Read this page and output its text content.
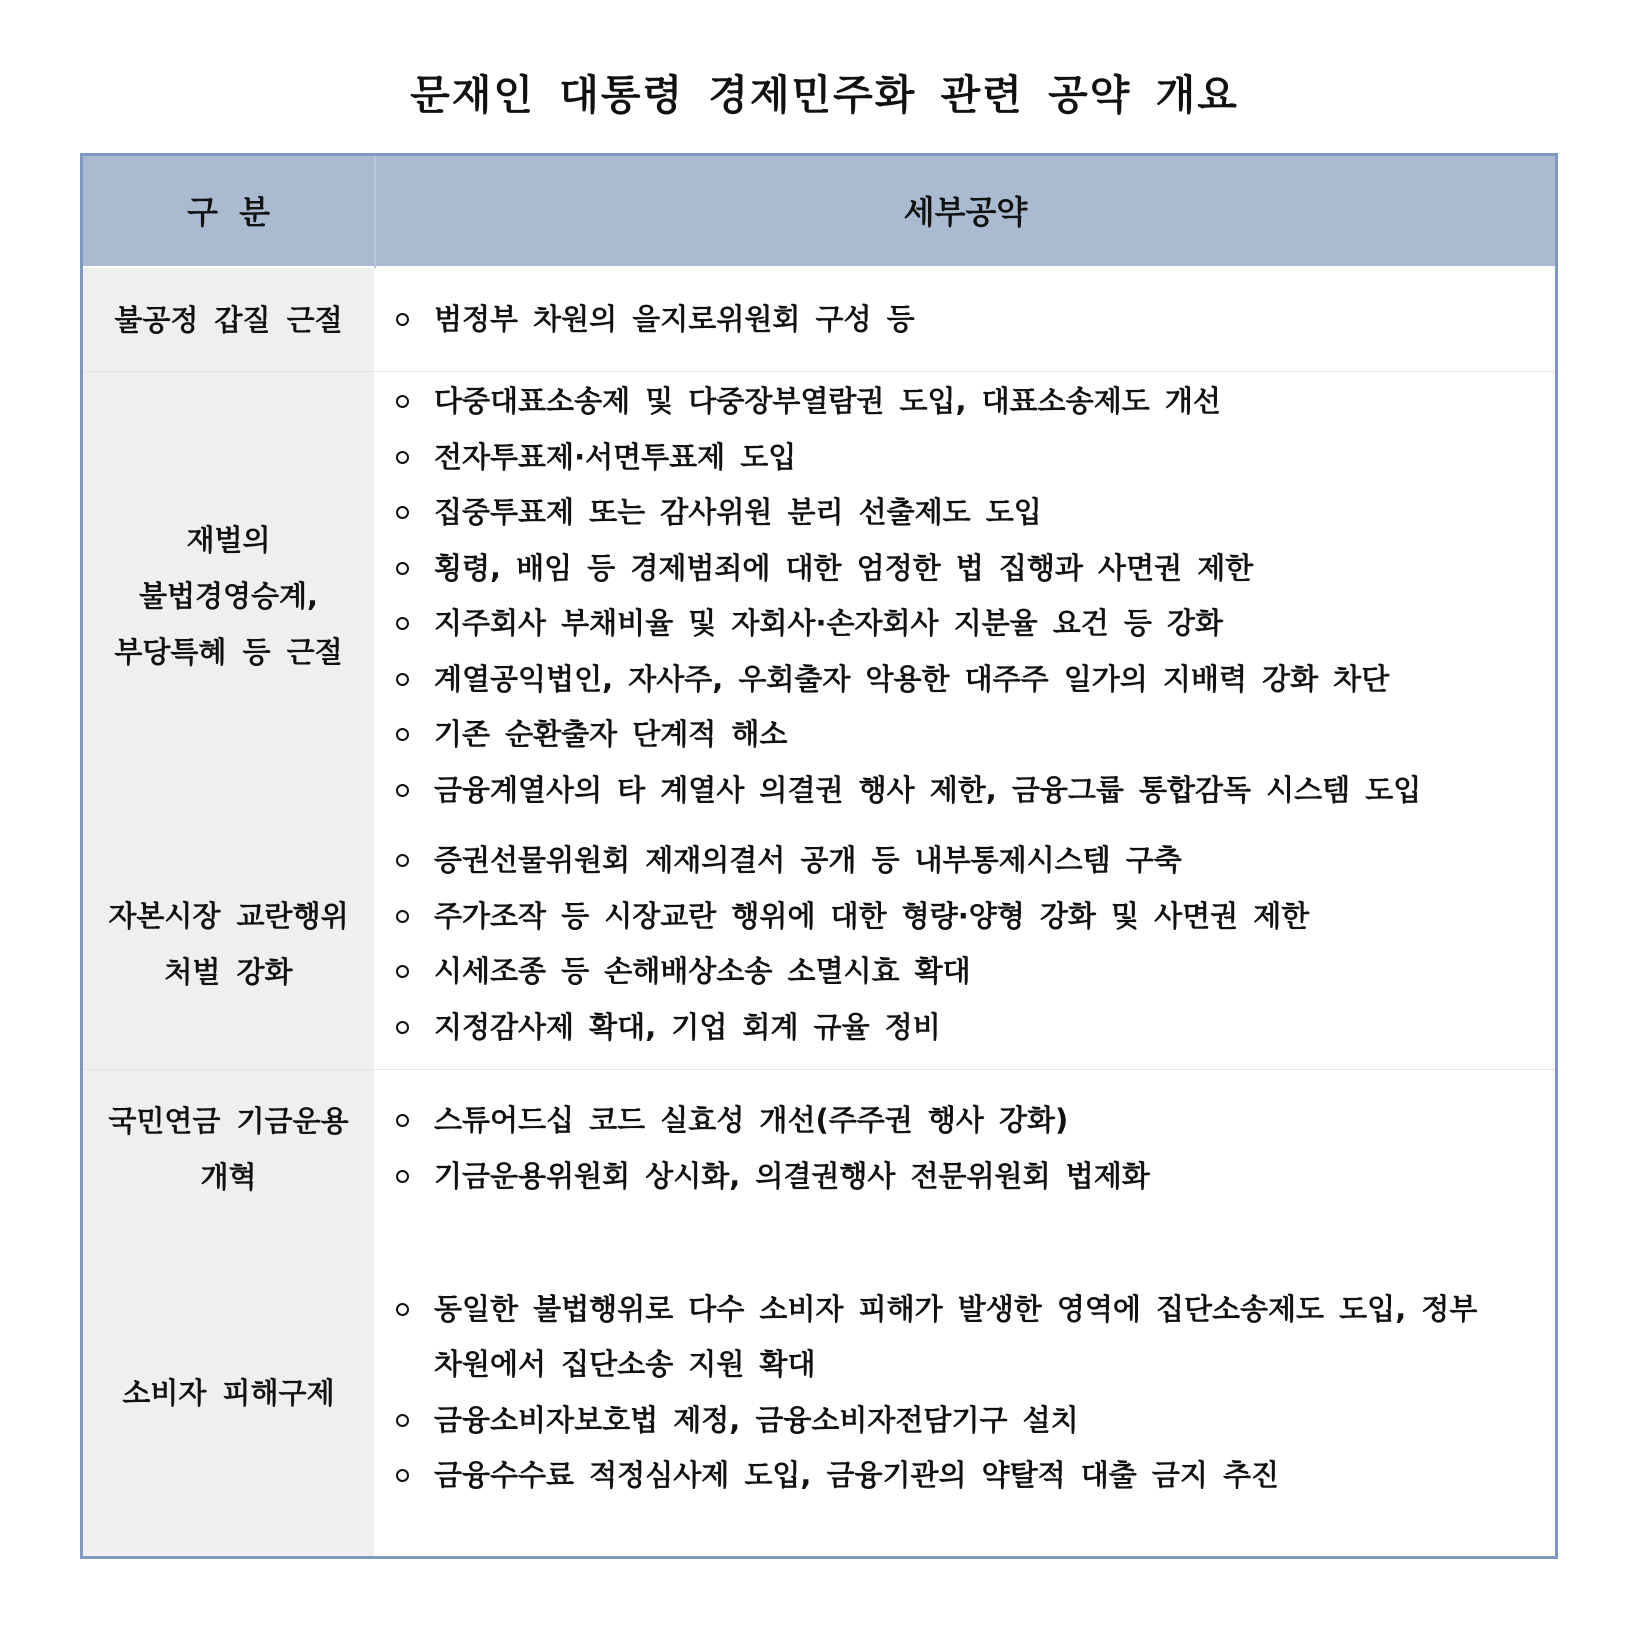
문재인 대통령 경제민주화 관련 공약 개요
구 분	세부공약
불공정 갑질 근절	범정부 차원의 을지로위원회 구성 등
재벌의
불법경영승계,
부당특혜 등 근절
다중대표소송제 및 다중장부열람권 도입, 대표소송제도 개선
전자투표제·서면투표제 도입
집중투표제 또는 감사위원 분리 선출제도 도입
횡령, 배임 등 경제범죄에 대한 엄정한 법 집행과 사면권 제한
지주회사 부채비율 및 자회사·손자회사 지분율 요건 등 강화
계열공익법인, 자사주, 우회출자 악용한 대주주 일가의 지배력 강화 차단
기존 순환출자 단계적 해소
금융계열사의 타 계열사 의결권 행사 제한, 금융그룹 통합감독 시스템 도입
자본시장 교란행위
처벌 강화
증권선물위원회 제재의결서 공개 등 내부통제시스템 구축
주가조작 등 시장교란 행위에 대한 형량·양형 강화 및 사면권 제한
시세조종 등 손해배상소송 소멸시효 확대
지정감사제 확대, 기업 회계 규율 정비
국민연금 기금운용
개혁
스튜어드십 코드 실효성 개선(주주권 행사 강화)
기금운용위원회 상시화, 의결권행사 전문위원회 법제화
소비자 피해구제
동일한 불법행위로 다수 소비자 피해가 발생한 영역에 집단소송제도 도입, 정부 차원에서 집단소송 지원 확대
금융소비자보호법 제정, 금융소비자전담기구 설치
금융수수료 적정심사제 도입, 금융기관의 약탈적 대출 금지 추진
